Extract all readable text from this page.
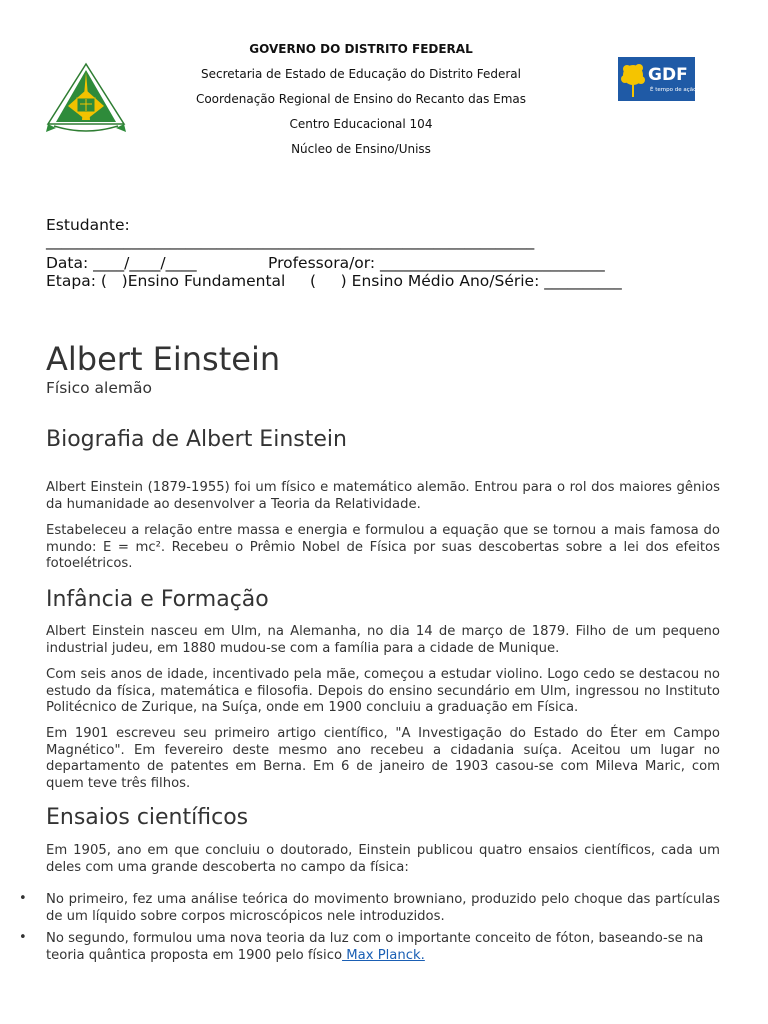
GOVERNO DO DISTRITO FEDERAL
Secretaria de Estado de Educação do Distrito Federal
Coordenação Regional de Ensino do Recanto das Emas
Centro Educacional 104
Núcleo de Ensino/Uniss
GDF
É tempo de ação.
Estudante:
_______________________________________________________________
Data: ____/____/____	Professora/or: _____________________________
Etapa: (   )Ensino Fundamental     (     ) Ensino Médio Ano/Série: __________
Albert Einstein
Físico alemão
Biografia de Albert Einstein
Albert Einstein (1879-1955) foi um físico e matemático alemão. Entrou para o rol dos maiores gênios da humanidade ao desenvolver a Teoria da Relatividade.
Estabeleceu a relação entre massa e energia e formulou a equação que se tornou a mais famosa do mundo: E = mc². Recebeu o Prêmio Nobel de Física por suas descobertas sobre a lei dos efeitos fotoelétricos.
Infância e Formação
Albert Einstein nasceu em Ulm, na Alemanha, no dia 14 de março de 1879. Filho de um pequeno industrial judeu, em 1880 mudou-se com a família para a cidade de Munique.
Com seis anos de idade, incentivado pela mãe, começou a estudar violino. Logo cedo se destacou no estudo da física, matemática e filosofia. Depois do ensino secundário em Ulm, ingressou no Instituto Politécnico de Zurique, na Suíça, onde em 1900 concluiu a graduação em Física.
Em 1901 escreveu seu primeiro artigo científico, "A Investigação do Estado do Éter em Campo Magnético". Em fevereiro deste mesmo ano recebeu a cidadania suíça. Aceitou um lugar no departamento de patentes em Berna. Em 6 de janeiro de 1903 casou-se com Mileva Maric, com quem teve três filhos.
Ensaios científicos
Em 1905, ano em que concluiu o doutorado, Einstein publicou quatro ensaios científicos, cada um deles com uma grande descoberta no campo da física:
• No primeiro, fez uma análise teórica do movimento browniano, produzido pelo choque das partículas de um líquido sobre corpos microscópicos nele introduzidos.
• No segundo, formulou uma nova teoria da luz com o importante conceito de fóton, baseando-se na teoria quântica proposta em 1900 pelo físico Max Planck.
